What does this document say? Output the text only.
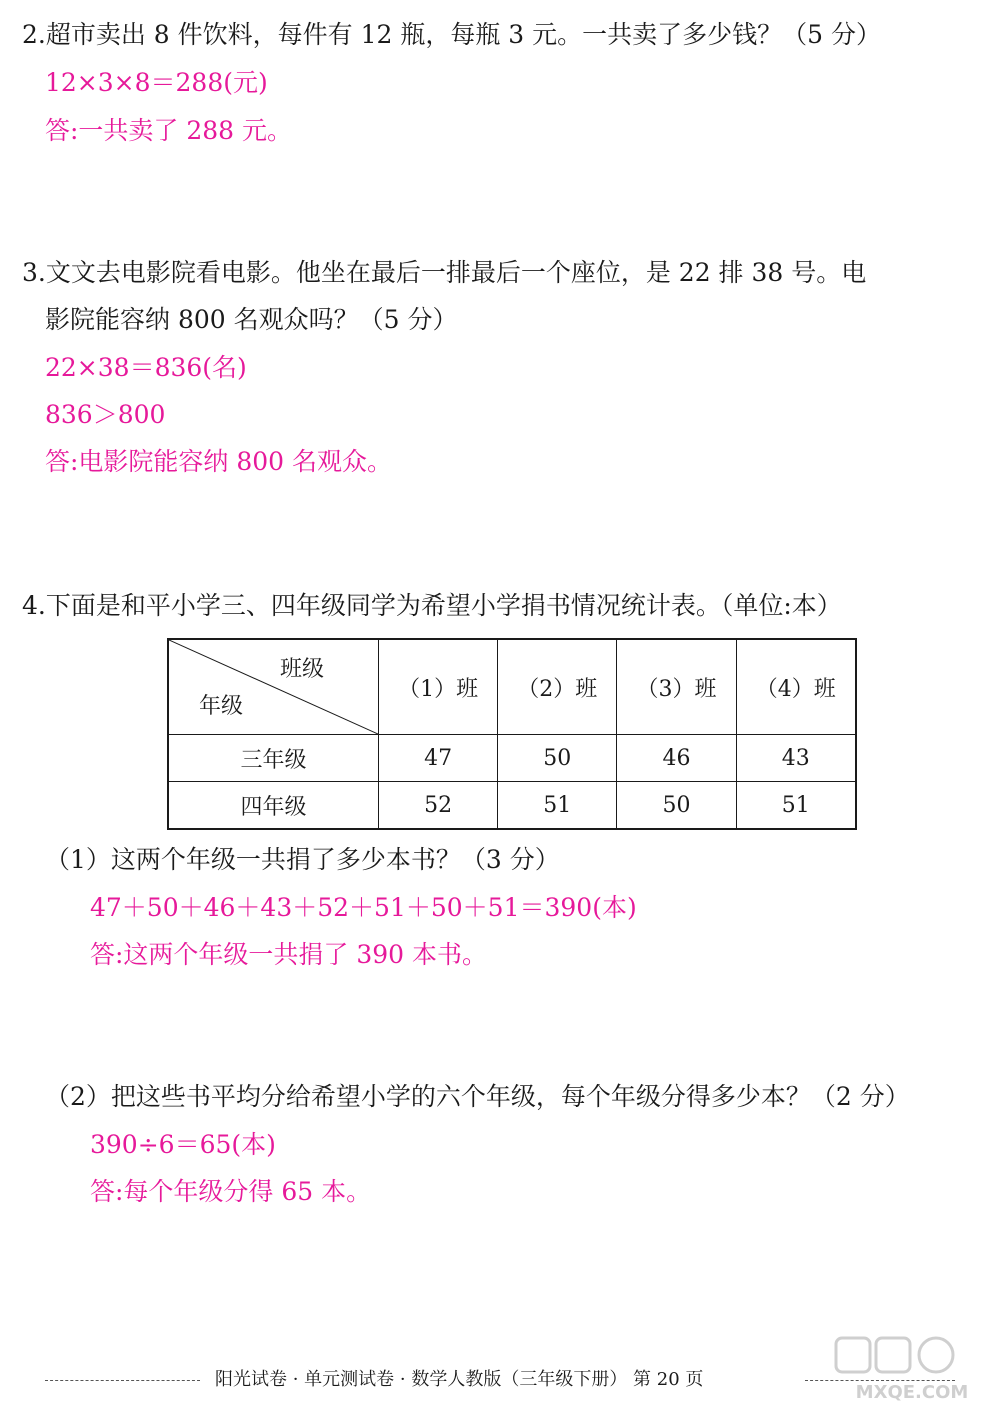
2.超市卖出 8 件饮料，每件有 12 瓶，每瓶 3 元。一共卖了多少钱？（5 分）
12×3×8＝288(元)
答:一共卖了 288 元。
3.文文去电影院看电影。他坐在最后一排最后一个座位，是 22 排 38 号。电
影院能容纳 800 名观众吗？（5 分）
22×38＝836(名)
836＞800
答:电影院能容纳 800 名观众。
4.下面是和平小学三、四年级同学为希望小学捐书情况统计表。（单位:本）
班级
年级	（1）班	（2）班	（3）班	（4）班
三年级	47	50	46	43
四年级	52	51	50	51
（1）这两个年级一共捐了多少本书？（3 分）
47＋50＋46＋43＋52＋51＋50＋51＝390(本)
答:这两个年级一共捐了 390 本书。
（2）把这些书平均分给希望小学的六个年级，每个年级分得多少本？（2 分）
390÷6＝65(本)
答:每个年级分得 65 本。
阳光试卷 · 单元测试卷 · 数学人教版（三年级下册） 第 20 页
MXQE.COM
